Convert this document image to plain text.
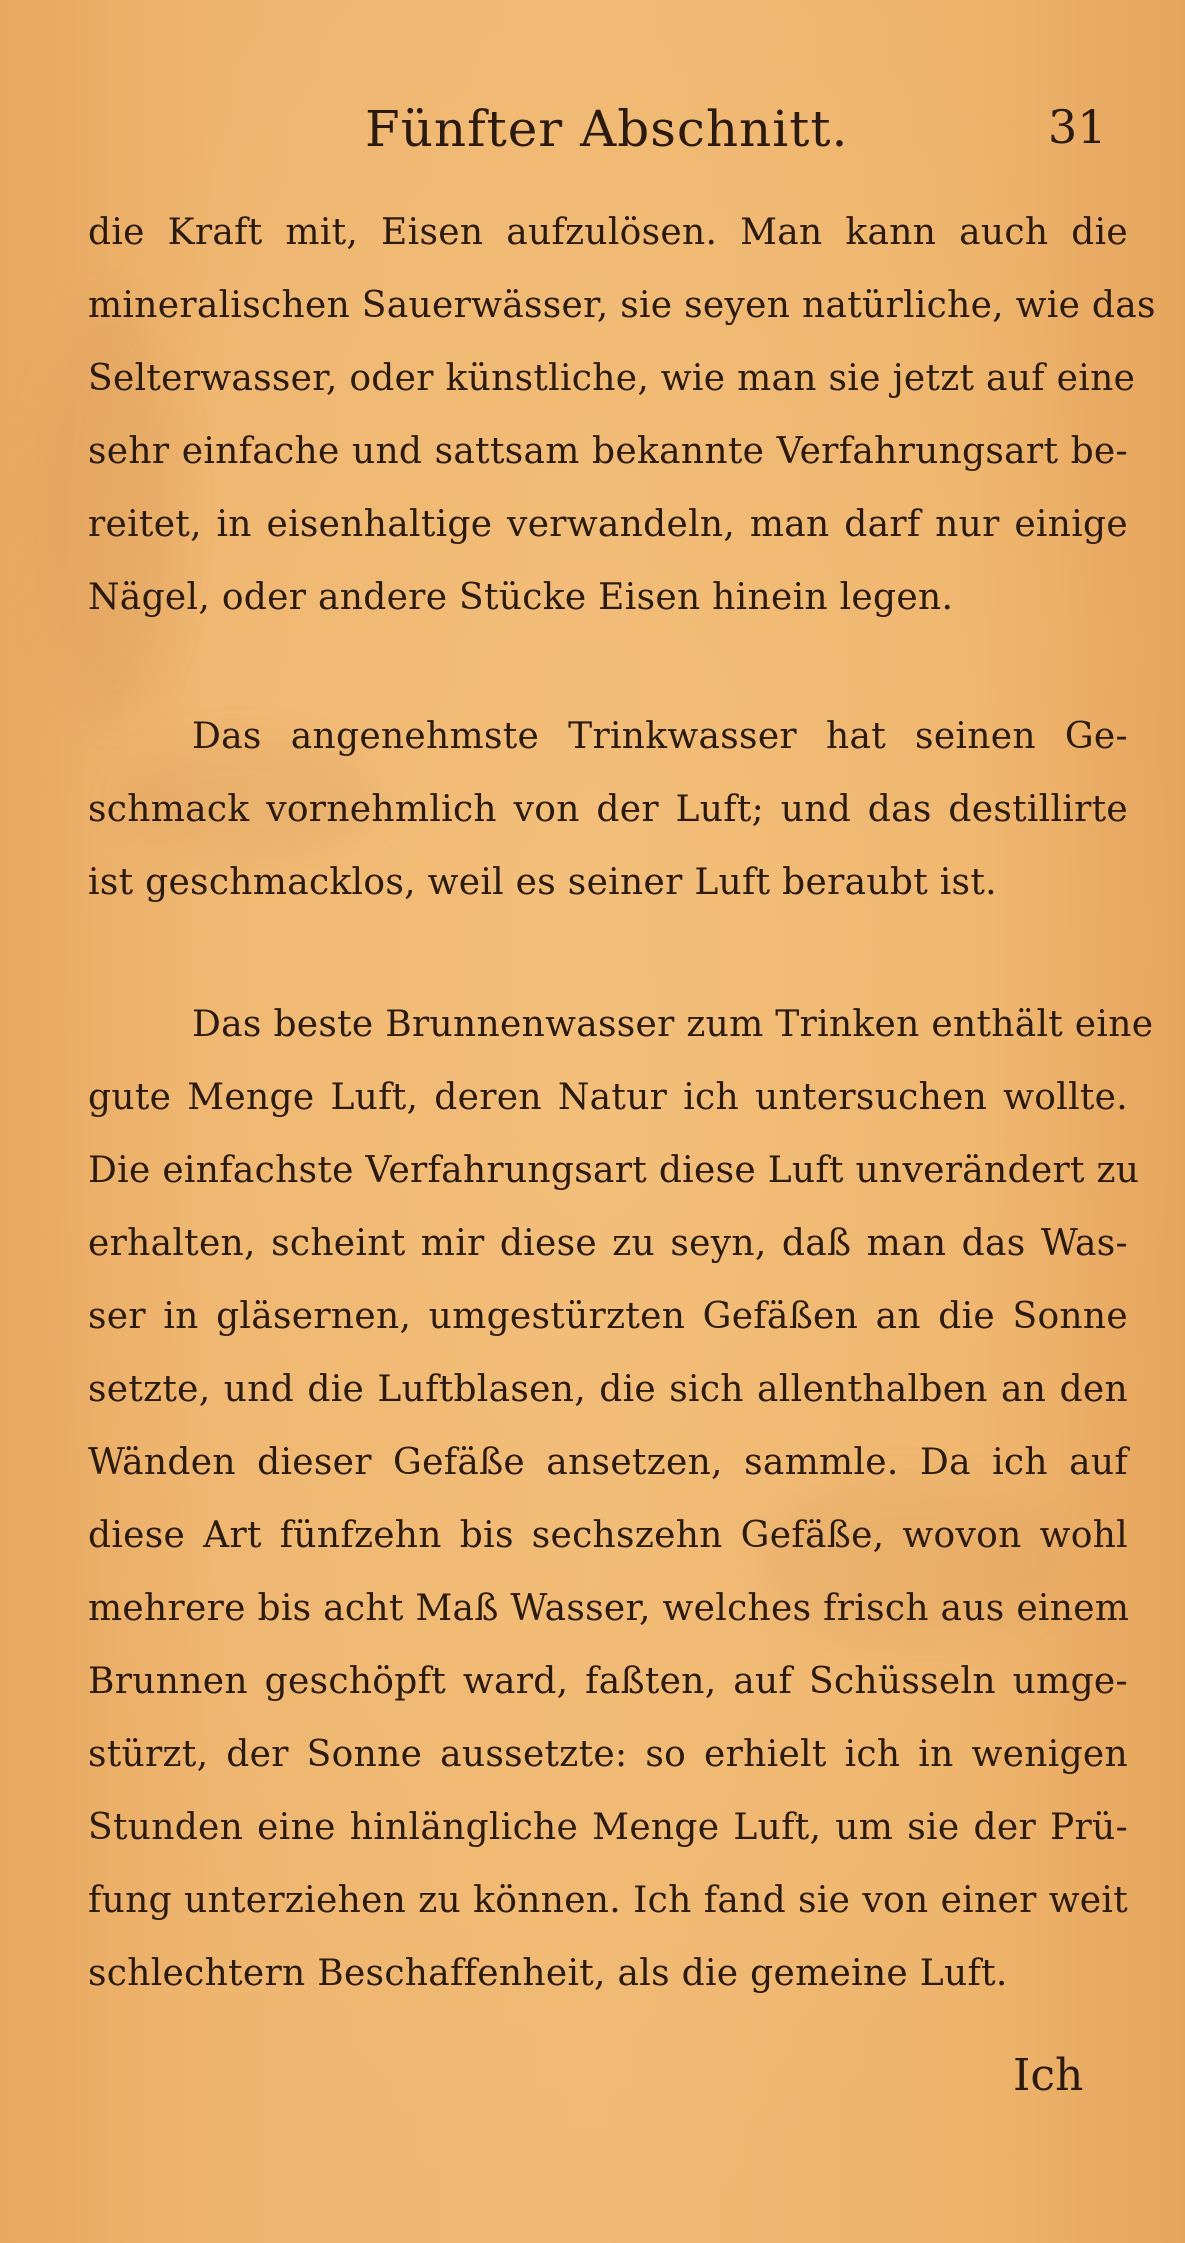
Fünfter Abschnitt.	31
die Kraft mit, Eisen aufzulösen. Man kann auch die
mineralischen Sauerwässer, sie seyen natürliche, wie das
Selterwasser, oder künstliche, wie man sie jetzt auf eine
sehr einfache und sattsam bekannte Verfahrungsart be-
reitet, in eisenhaltige verwandeln, man darf nur einige
Nägel, oder andere Stücke Eisen hinein legen.
Das angenehmste Trinkwasser hat seinen Ge-
schmack vornehmlich von der Luft; und das destillirte
ist geschmacklos, weil es seiner Luft beraubt ist.
Das beste Brunnenwasser zum Trinken enthält eine
gute Menge Luft, deren Natur ich untersuchen wollte.
Die einfachste Verfahrungsart diese Luft unverändert zu
erhalten, scheint mir diese zu seyn, daß man das Was-
ser in gläsernen, umgestürzten Gefäßen an die Sonne
setzte, und die Luftblasen, die sich allenthalben an den
Wänden dieser Gefäße ansetzen, sammle. Da ich auf
diese Art fünfzehn bis sechszehn Gefäße, wovon wohl
mehrere bis acht Maß Wasser, welches frisch aus einem
Brunnen geschöpft ward, faßten, auf Schüsseln umge-
stürzt, der Sonne aussetzte: so erhielt ich in wenigen
Stunden eine hinlängliche Menge Luft, um sie der Prü-
fung unterziehen zu können. Ich fand sie von einer weit
schlechtern Beschaffenheit, als die gemeine Luft.
Ich
